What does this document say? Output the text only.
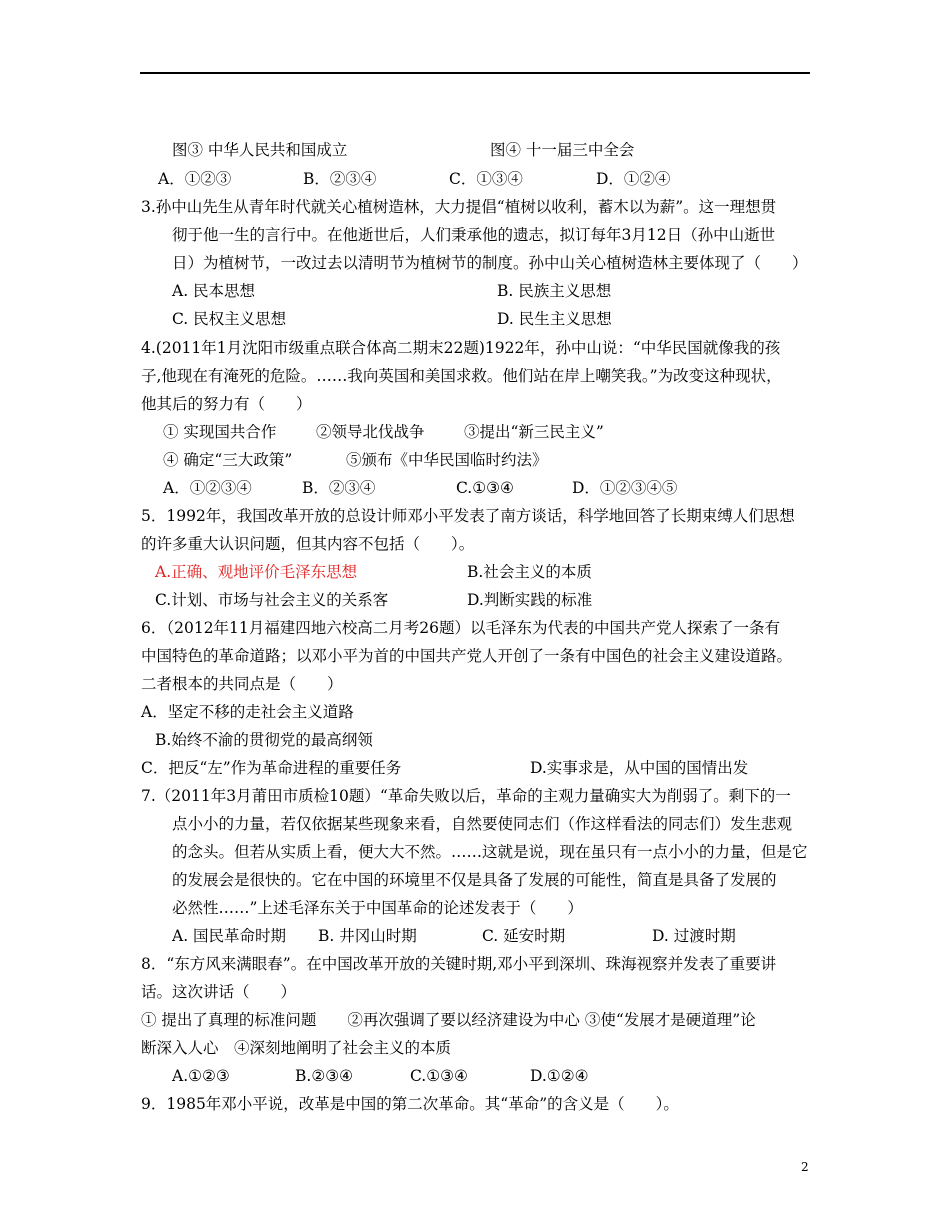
图③ 中华人民共和国成立	图④ 十一届三中全会
A．①②③	B．②③④	C．①③④	D．①②④
3.孙中山先生从青年时代就关心植树造林，大力提倡“植树以收利，蓄木以为薪”。这一理想贯
彻于他一生的言行中。在他逝世后，人们秉承他的遗志，拟订每年3月12日（孙中山逝世
日）为植树节，一改过去以清明节为植树节的制度。孙中山关心植树造林主要体现了（　　）
A. 民本思想	B. 民族主义思想
C. 民权主义思想	D. 民生主义思想
4.(2011年1月沈阳市级重点联合体高二期末22题)1922年，孙中山说：“中华民国就像我的孩
子,他现在有淹死的危险。……我向英国和美国求救。他们站在岸上嘲笑我。”为改变这种现状，
他其后的努力有（　　）
① 实现国共合作	②领导北伐战争	③提出“新三民主义”
④ 确定“三大政策”	⑤颁布《中华民国临时约法》
A．①②③④	B．②③④	C.①③④	D．①②③④⑤
5．1992年，我国改革开放的总设计师邓小平发表了南方谈话，科学地回答了长期束缚人们思想
的许多重大认识问题，但其内容不包括（　　）。
A.正确、观地评价毛泽东思想	B.社会主义的本质
C.计划、市场与社会主义的关系客	D.判断实践的标准
6．（2012年11月福建四地六校高二月考26题）以毛泽东为代表的中国共产党人探索了一条有
中国特色的革命道路；以邓小平为首的中国共产党人开创了一条有中国色的社会主义建设道路。
二者根本的共同点是（　　）
A．坚定不移的走社会主义道路
B.始终不渝的贯彻党的最高纲领
C．把反“左”作为革命进程的重要任务	D.实事求是，从中国的国情出发
7.（2011年3月莆田市质检10题）“革命失败以后，革命的主观力量确实大为削弱了。剩下的一
点小小的力量，若仅依据某些现象来看，自然要使同志们（作这样看法的同志们）发生悲观
的念头。但若从实质上看，便大大不然。……这就是说，现在虽只有一点小小的力量，但是它
的发展会是很快的。它在中国的环境里不仅是具备了发展的可能性，简直是具备了发展的
必然性……”上述毛泽东关于中国革命的论述发表于（　　）
A. 国民革命时期 B. 井冈山时期	C. 延安时期	D. 过渡时期
8．“东方风来满眼春”。在中国改革开放的关键时期,邓小平到深圳、珠海视察并发表了重要讲
话。这次讲话（　　）
① 提出了真理的标准问题　　②再次强调了要以经济建设为中心 ③使“发展才是硬道理”论
断深入人心　④深刻地阐明了社会主义的本质
A.①②③	B.②③④	C.①③④	D.①②④
9．1985年邓小平说，改革是中国的第二次革命。其“革命”的含义是（　　）。
2
